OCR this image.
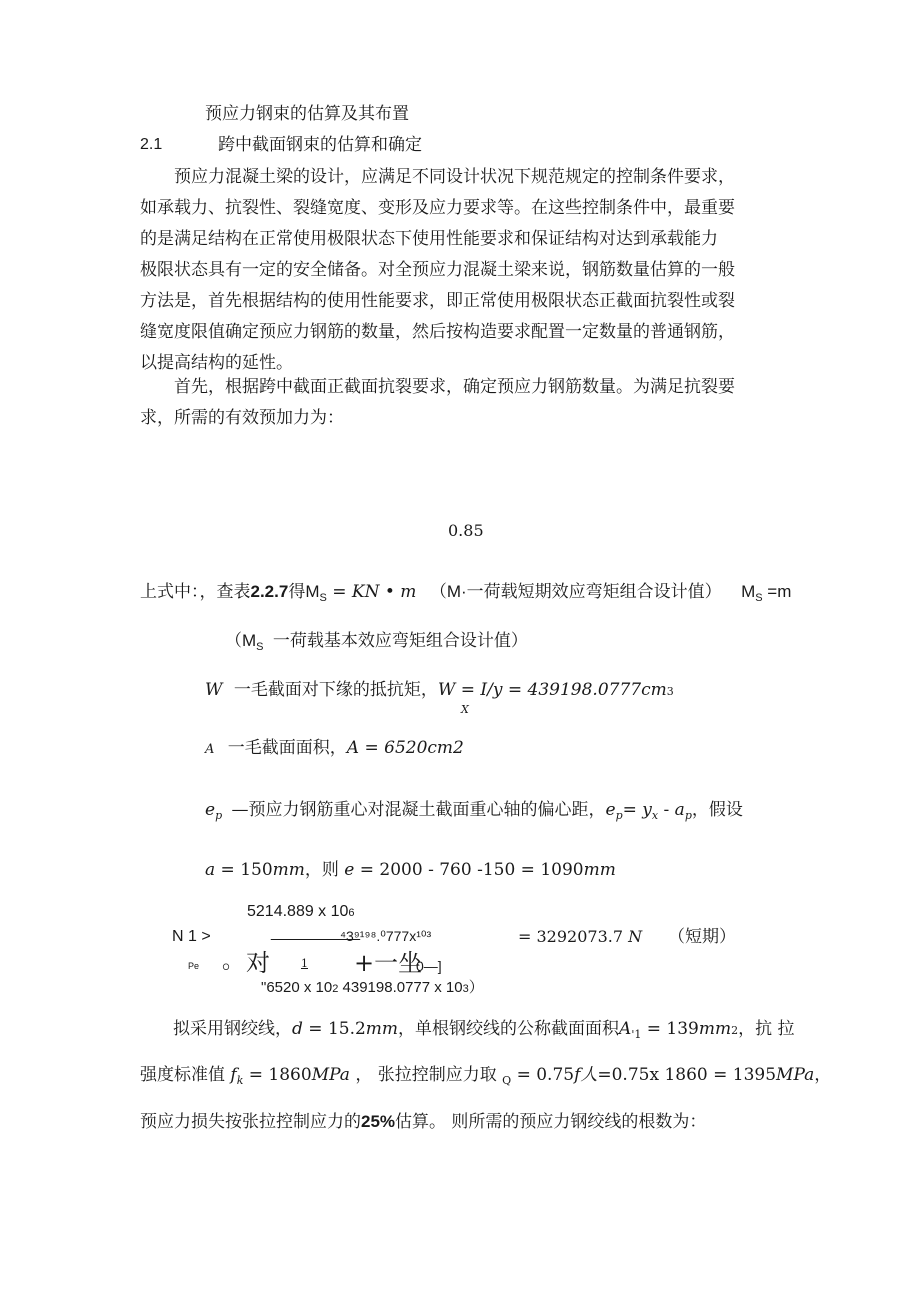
预应力钢束的估算及其布置
2.1	跨中截面钢束的估算和确定

预应力混凝土梁的设计，应满足不同设计状况下规范规定的控制条件要求，

如承载力、抗裂性、裂缝宽度、变形及应力要求等。在这些控制条件中，最重要

的是满足结构在正常使用极限状态下使用性能要求和保证结构对达到承载能力

极限状态具有一定的安全储备。对全预应力混凝土梁来说，钢筋数量估算的一般

方法是，首先根据结构的使用性能要求，即正常使用极限状态正截面抗裂性或裂

缝宽度限值确定预应力钢筋的数量，然后按构造要求配置一定数量的普通钢筋，

以提高结构的延性。

首先，根据跨中截面正截面抗裂要求，确定预应力钢筋数量。为满足抗裂要

求，所需的有效预加力为：

0.85
上式中：，查表2.2.7得$M_S$ = KN • m （M·一荷载短期效应弯矩组合设计值） $M_S =m$
（$M_S$ 一荷载基本效应弯矩组合设计值）
W 一毛截面对下缘的抵抗矩，W = I/y = 439198.0777cm3
X
A 一毛截面面积，A = 6520cm2
$e_p$ —预应力钢筋重心对混凝土截面重心轴的偏心距，$e_p= y_x - a_p$，假设
a = 150mm，则 e = 2000 - 760 -150 = 1090mm
5214.889 x 106
N 1 >	__________
⁴3⁹¹⁹⁸.⁰777x¹⁰³	= 3292073.7 N （短期）
Pe 。 对	1 +一坐
0—]
"6520 x 102 439198.0777 x 103）
拟采用钢绞线，d = 15.2mm，单根钢绞线的公称截面面积$A_{'1} = 139mm2$，抗 拉
强度标准值 $f_k = 1860MPa$ ， 张拉控制应力取 $_Q$ = 0.75f人=0.75x 1860 = 1395MPa，
预应力损失按张拉控制应力的25%估算。 则所需的预应力钢绞线的根数为：
